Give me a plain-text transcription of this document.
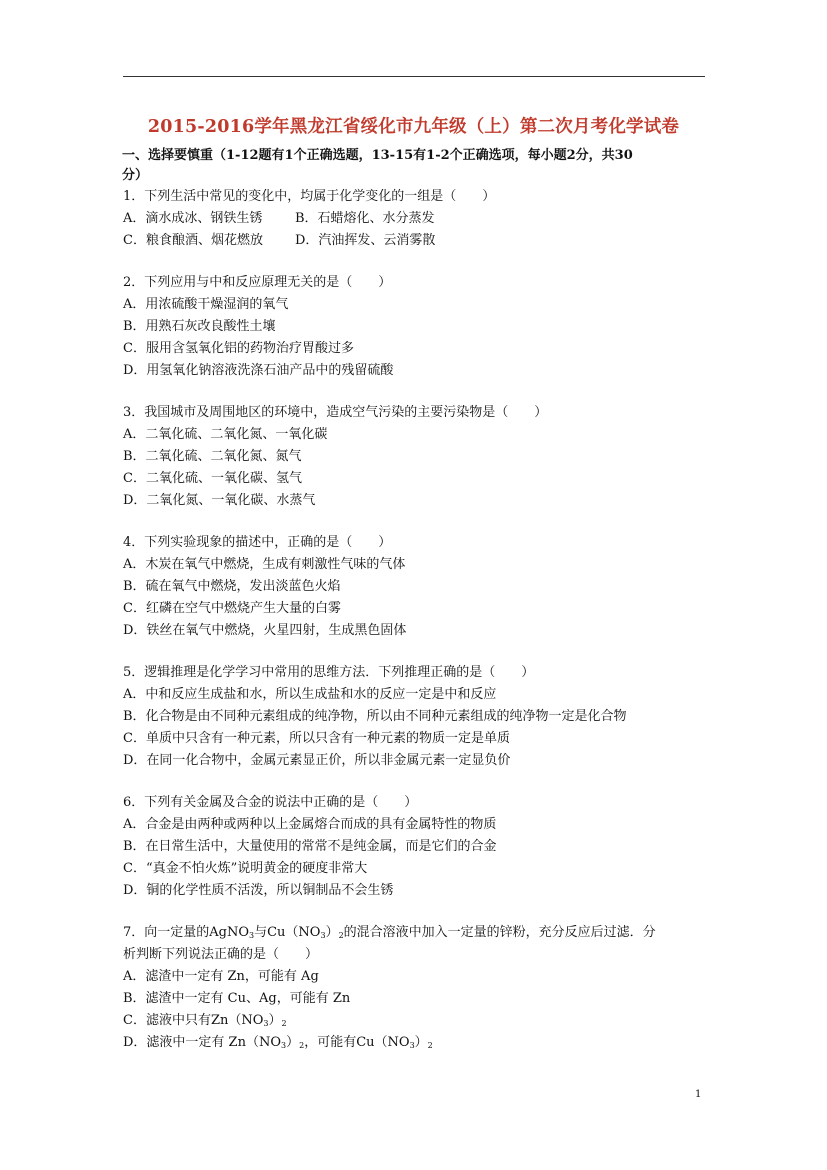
2015-2016学年黑龙江省绥化市九年级（上）第二次月考化学试卷
一、选择要慎重（1-12题有1个正确选题，13-15有1-2个正确选项，每小题2分，共30
分）
1．下列生活中常见的变化中，均属于化学变化的一组是（　　）
A．滴水成冰、钢铁生锈	B．石蜡熔化、水分蒸发
C．粮食酿酒、烟花燃放	D．汽油挥发、云消雾散
2．下列应用与中和反应原理无关的是（　　）
A．用浓硫酸干燥湿润的氧气
B．用熟石灰改良酸性土壤
C．服用含氢氧化铝的药物治疗胃酸过多
D．用氢氧化钠溶液洗涤石油产品中的残留硫酸
3．我国城市及周围地区的环境中，造成空气污染的主要污染物是（　　）
A．二氧化硫、二氧化氮、一氧化碳
B．二氧化硫、二氧化氮、氮气
C．二氧化硫、一氧化碳、氢气
D．二氧化氮、一氧化碳、水蒸气
4．下列实验现象的描述中，正确的是（　　）
A．木炭在氧气中燃烧，生成有刺激性气味的气体
B．硫在氧气中燃烧，发出淡蓝色火焰
C．红磷在空气中燃烧产生大量的白雾
D．铁丝在氧气中燃烧，火星四射，生成黑色固体
5．逻辑推理是化学学习中常用的思维方法．下列推理正确的是（　　）
A．中和反应生成盐和水，所以生成盐和水的反应一定是中和反应
B．化合物是由不同种元素组成的纯净物，所以由不同种元素组成的纯净物一定是化合物
C．单质中只含有一种元素，所以只含有一种元素的物质一定是单质
D．在同一化合物中，金属元素显正价，所以非金属元素一定显负价
6．下列有关金属及合金的说法中正确的是（　　）
A．合金是由两种或两种以上金属熔合而成的具有金属特性的物质
B．在日常生活中，大量使用的常常不是纯金属，而是它们的合金
C．“真金不怕火炼”说明黄金的硬度非常大
D．铜的化学性质不活泼，所以铜制品不会生锈
7．向一定量的AgNO$_3$与$Cu(NO_3)_2$的混合溶液中加入一定量的锌粉，充分反应后过滤．分
析判断下列说法正确的是（　　）
A．滤渣中一定有 Zn，可能有 Ag
B．滤渣中一定有 Cu、Ag，可能有 Zn
C．滤液中只有$Zn(NO_3)_2$
D．滤液中一定有 $Zn(NO_3)_2$，可能有$Cu(NO_3)_2$
1
